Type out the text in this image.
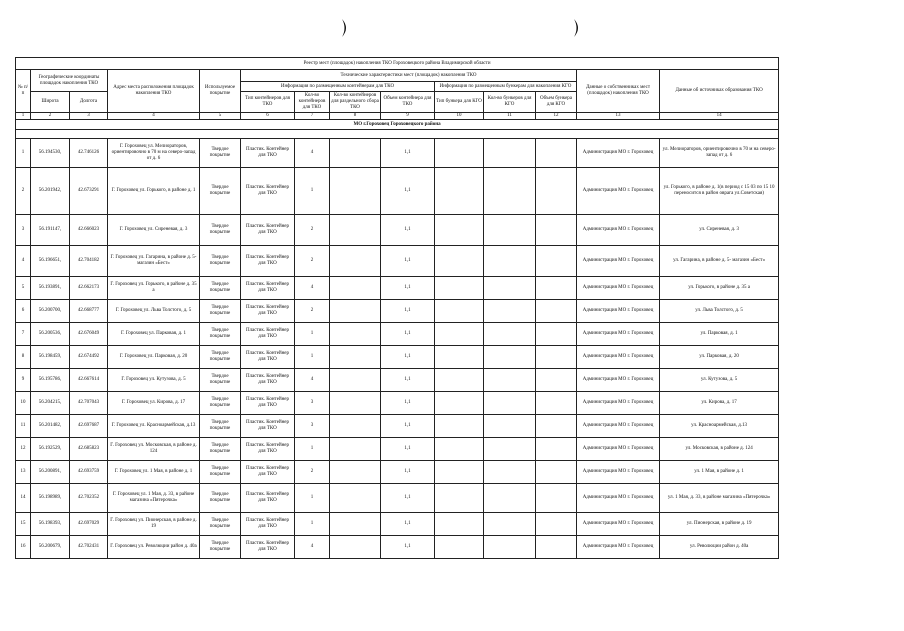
Реестр мест (площадок) накопления ТКО Гороховецкого района Владимирской области													
№ п/п	Географические координаты площадок накопления ТКО		Адрес места расположения площадок накопления ТКО	Используемое покрытие	Технические характеристики мест (площадок) накопления ТКО							Данные о собственниках мест (площадок) накопления ТКО	Данные об источниках образования ТКО
					Информация по размещенным контейнерам для ТКО				Информация по размещенным бункерам для накопления КГО				
	Широта	Долгота			Тип контейнеров для ТКО	Кол-во контейнеров для ТКО	Кол-во контейнеров для раздельного сбора ТКО	Объем контейнера для ТКО	Тип бункера для КГО	Кол-во бункеров для КГО	Объем бункера для КГО		
1	2	3	4	5	6	7	8	9	10	11	12	13	14
МО г.Гороховец Гороховецкого района													

1	56.194530,	42.746126	Г. Гороховец ул. Мелиораторов, ориентировочно в 70 м на северо-запад от д. 6	Твердое покрытие	Пластик. Контейнер для ТКО	4		1,1				Администрация МО г. Гороховец	ул. Мелиораторов, ориентировочно в 70 м на северо-запад от д. 6
2	56.201942,	42.673291	Г. Гороховец ул. Горького, в районе д. 1	Твердое покрытие	Пластик. Контейнер для ТКО	1		1,1				Администрация МО г. Гороховец	ул. Горького, в районе д. 1(в период с 15 03 по 15 10 переносится в район оврага ул.Советская)
3	56.191147,	42.666023	Г. Гороховец ул. Сиреневая, д. 3	Твердое покрытие	Пластик. Контейнер для ТКО	2		1,1				Администрация МО г. Гороховец	ул. Сиреневая, д. 3
4	56.196651,	42.704182	Г. Гороховец ул. Гагарина, в районе д. 5- магазин «Бест»	Твердое покрытие	Пластик. Контейнер для ТКО	2		1,1				Администрация МО г. Гороховец	ул. Гагарина, в районе д. 5- магазин «Бест»
5	56.193891,	42.662173	Г. Гороховец ул. Горького, в районе д. 35 а	Твердое покрытие	Пластик. Контейнер для ТКО	4		1,1				Администрация МО г. Гороховец	ул. Горького, в районе д. 35 а
6	56.200700,	42.668777	Г. Гороховец ул. Льва Толстого, д. 5	Твердое покрытие	Пластик. Контейнер для ТКО	2		1,1				Администрация МО г. Гороховец	ул. Льва Толстого, д. 5
7	56.200536,	42.676049	Г. Гороховец ул. Парковая, д. 1	Твердое покрытие	Пластик. Контейнер для ТКО	1		1,1				Администрация МО г. Гороховец	ул. Парковая, д. 1
8	56.198459,	42.674492	Г. Гороховец ул. Парковая, д. 20	Твердое покрытие	Пластик. Контейнер для ТКО	1		1,1				Администрация МО г. Гороховец	ул. Парковая, д. 20
9	56.195786,	42.667614	Г. Гороховец ул. Кутузова, д. 5	Твердое покрытие	Пластик. Контейнер для ТКО	4		1,1				Администрация МО г. Гороховец	ул. Кутузова, д. 5
10	56.204215,	42.707043	Г. Гороховец ул. Кирова, д. 17	Твердое покрытие	Пластик. Контейнер для ТКО	3		1,1				Администрация МО г. Гороховец	ул. Кирова, д. 17
11	56.201482,	42.697687	Г. Гороховец ул. Красноармейская, д.13	Твердое покрытие	Пластик. Контейнер для ТКО	3		1,1				Администрация МО г. Гороховец	ул. Красноармейская, д.13
12	56.192529,	42.685823	Г. Гороховец ул. Московская, в районе д. 124	Твердое покрытие	Пластик. Контейнер для ТКО	1		1,1				Администрация МО г. Гороховец	ул. Московская, в районе д. 124
13	56.200891,	42.693759	Г. Гороховец ул. 1 Мая, в районе д. 1	Твердое покрытие	Пластик. Контейнер для ТКО	2		1,1				Администрация МО г. Гороховец	ул. 1 Мая, в районе д. 1
14	56.198989,	42.702352	Г. Гороховец ул. 1 Мая, д. 33, в районе магазина «Пятерочка»	Твердое покрытие	Пластик. Контейнер для ТКО	1		1,1				Администрация МО г. Гороховец	ул. 1 Мая, д. 33, в районе магазина «Пятерочка»
15	56.198393,	42.697029	Г. Гороховец ул. Пионерская, в районе д. 19	Твердое покрытие	Пластик. Контейнер для ТКО	1		1,1				Администрация МО г. Гороховец	ул. Пионерская, в районе д. 19
16	56.200679,	42.702431	Г. Гороховец ул. Революции район д. 40а	Твердое покрытие	Пластик. Контейнер для ТКО	4		1,1				Администрация МО г. Гороховец	ул. Революции район д. 40а
